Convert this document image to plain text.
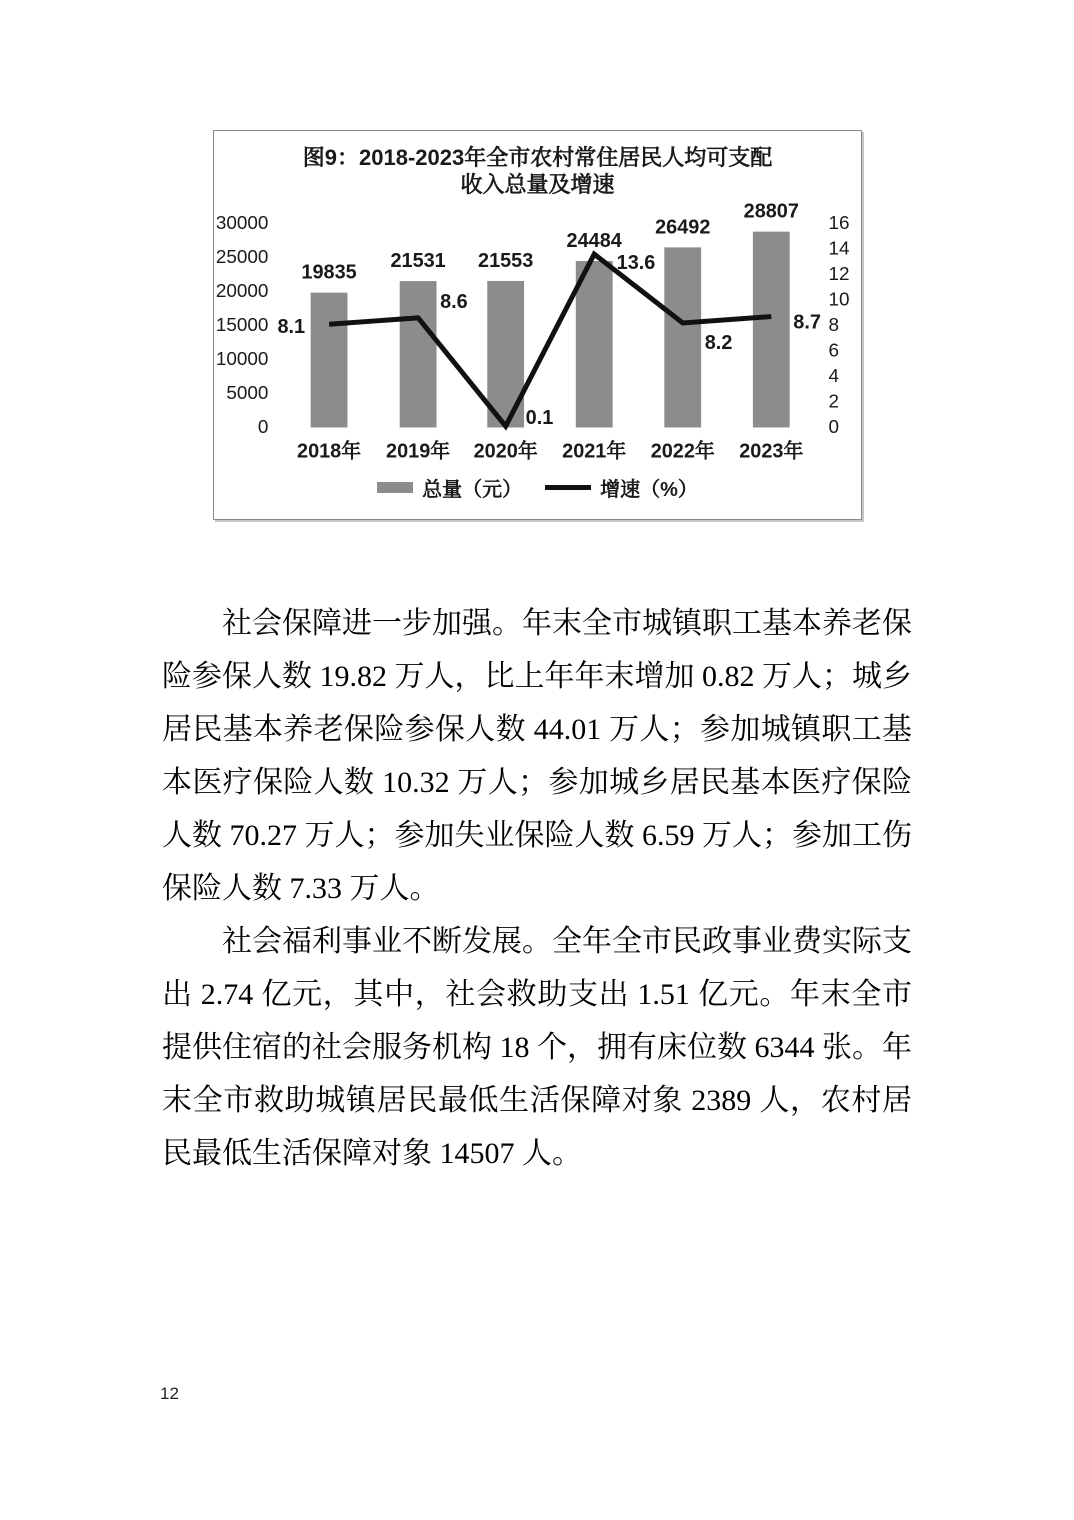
图9：2018-2023年全市农村常住居民人均可支配
收入总量及增速
30000
25000
20000
15000
10000
5000
0
16
14
12
10
8
6
4
2
0
19835
2018年
21531
2019年
21553
2020年
24484
2021年
26492
2022年
28807
2023年
8.1
8.6
0.1
13.6
8.2
8.7
总量（元）	增速（%）

社会保障进一步加强。年末全市城镇职工基本养老保险参保人数 19.82 万人，比上年年末增加 0.82 万人；城乡居民基本养老保险参保人数 44.01 万人；参加城镇职工基本医疗保险人数 10.32 万人；参加城乡居民基本医疗保险人数 70.27 万人；参加失业保险人数 6.59 万人；参加工伤保险人数 7.33 万人。

社会福利事业不断发展。全年全市民政事业费实际支出 2.74 亿元，其中，社会救助支出 1.51 亿元。年末全市提供住宿的社会服务机构 18 个，拥有床位数 6344 张。年末全市救助城镇居民最低生活保障对象 2389 人，农村居民最低生活保障对象 14507 人。

12
